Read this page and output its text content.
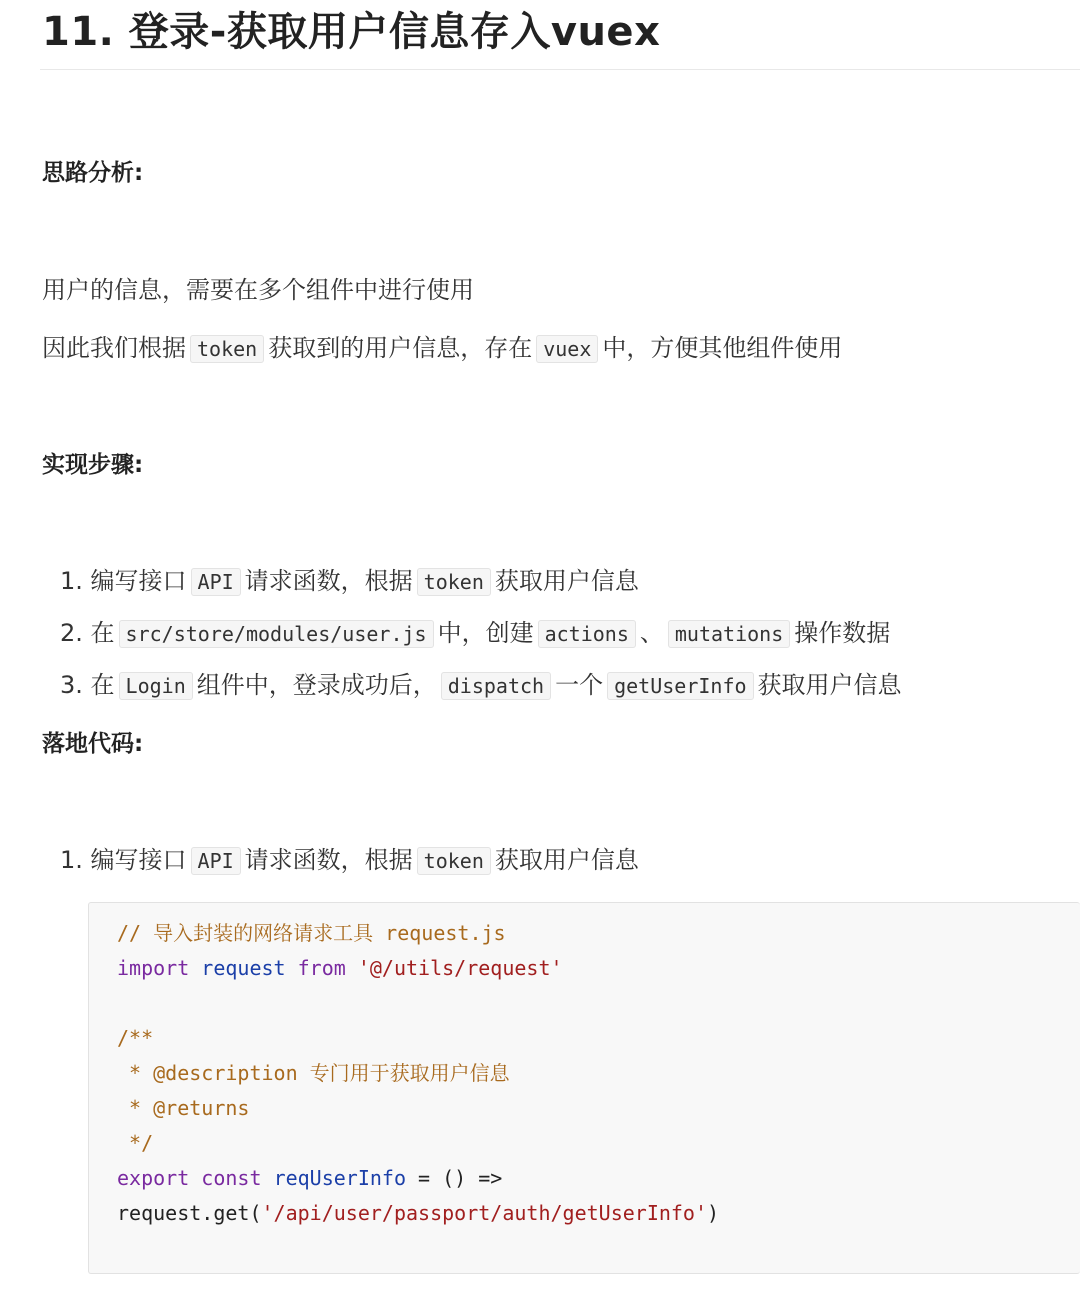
11. 登录-获取用户信息存入vuex
思路分析:

用户的信息，需要在多个组件中进行使用

因此我们根据 token 获取到的用户信息，存在 vuex 中，方便其他组件使用

实现步骤:

1. 编写接口 API 请求函数，根据 token 获取用户信息

2. 在 src/store/modules/user.js 中，创建 actions 、 mutations 操作数据

3. 在 Login 组件中，登录成功后， dispatch 一个 getUserInfo 获取用户信息

落地代码:

1. 编写接口 API 请求函数，根据 token 获取用户信息

// 导入封装的网络请求工具 request.js
import request from '@/utils/request'
/**
* @description 专门用于获取用户信息
* @returns
*/
export const reqUserInfo = () =>
request.get('/api/user/passport/auth/getUserInfo')
